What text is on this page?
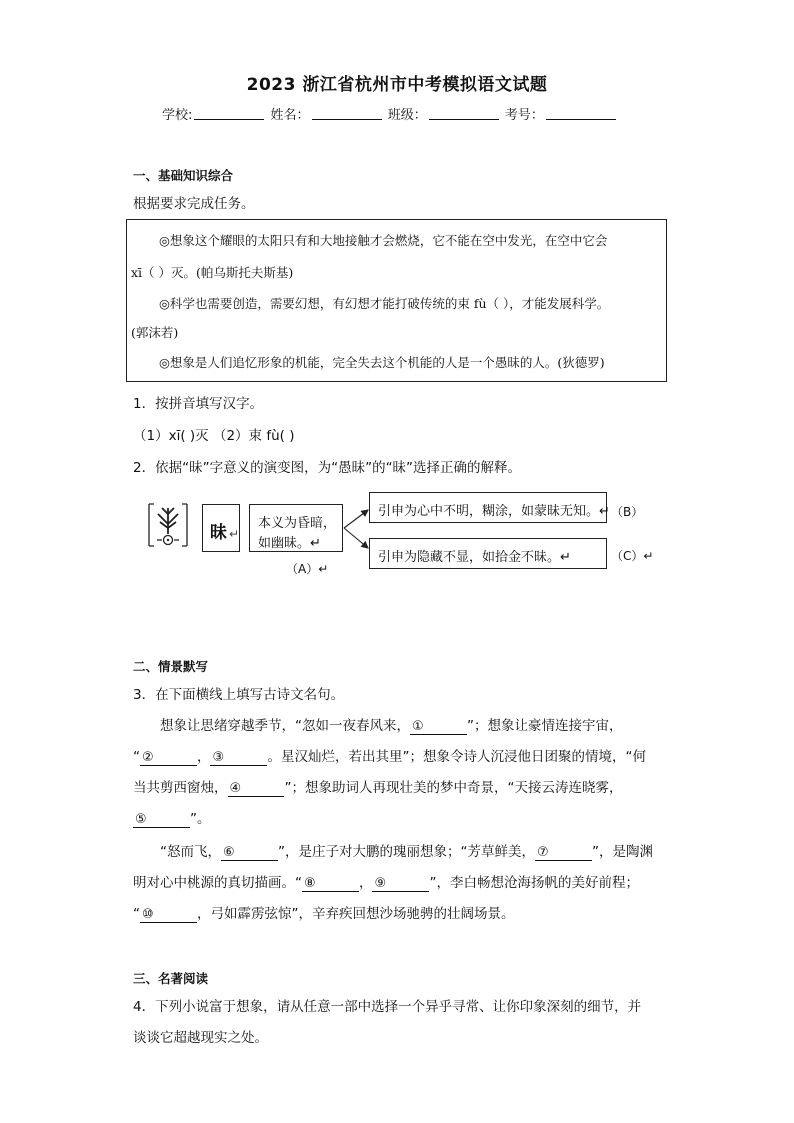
2023 浙江省杭州市中考模拟语文试题
学校:	姓名：	班级：	考号：
一、基础知识综合
根据要求完成任务。
◎想象这个耀眼的太阳只有和大地接触才会燃烧，它不能在空中发光，在空中它会
xī（ ）灭。(帕乌斯托夫斯基)
◎科学也需要创造，需要幻想，有幻想才能打破传统的束 fù（ ），才能发展科学。
(郭沫若)
◎想象是人们追忆形象的机能，完全失去这个机能的人是一个愚昧的人。(狄德罗)
1．按拼音填写汉字。
（1）xī( )灭 （2）束 fù( )
2．依据“昧”字意义的演变图，为“愚昧”的“昧”选择正确的解释。
昧 ↵
本义为昏暗，
如幽昧。↵
（A）↵
引申为心中不明，糊涂，如蒙昧无知。↵ （B）
引申为隐藏不显，如拾金不昧。↵	（C）↵
二、情景默写
3．在下面横线上填写古诗文名句。
想象让思绪穿越季节，“忽如一夜春风来， ①	”；想象让豪情连接宇宙，
“ ②	， ③	。星汉灿烂，若出其里”；想象令诗人沉浸他日团聚的情境，“何
当共剪西窗烛， ④	”；想象助词人再现壮美的梦中奇景，“天接云涛连晓雾，
⑤	”。
“怒而飞， ⑥	”，是庄子对大鹏的瑰丽想象；“芳草鲜美， ⑦	”，是陶渊
明对心中桃源的真切描画。“ ⑧	， ⑨	”，李白畅想沧海扬帆的美好前程；
“ ⑩	，弓如霹雳弦惊”，辛弃疾回想沙场驰骋的壮阔场景。
三、名著阅读
4．下列小说富于想象，请从任意一部中选择一个异乎寻常、让你印象深刻的细节，并
谈谈它超越现实之处。
